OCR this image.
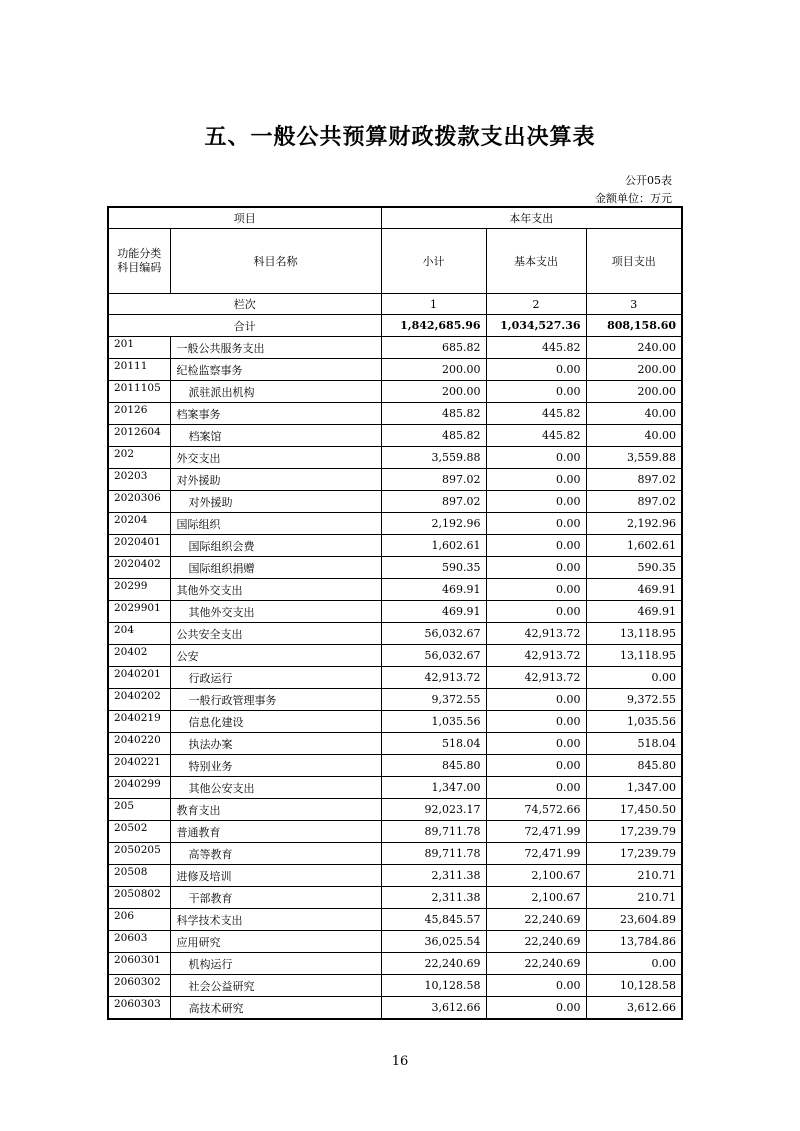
五、一般公共预算财政拨款支出决算表
公开05表
金额单位：万元
项目		本年支出		
功能分类科目编码	科目名称	小计	基本支出	项目支出
栏次		1	2	3
合计		1,842,685.96	1,034,527.36	808,158.60
201	一般公共服务支出	685.82	445.82	240.00
20111	纪检监察事务	200.00	0.00	200.00
2011105	派驻派出机构	200.00	0.00	200.00
20126	档案事务	485.82	445.82	40.00
2012604	档案馆	485.82	445.82	40.00
202	外交支出	3,559.88	0.00	3,559.88
20203	对外援助	897.02	0.00	897.02
2020306	对外援助	897.02	0.00	897.02
20204	国际组织	2,192.96	0.00	2,192.96
2020401	国际组织会费	1,602.61	0.00	1,602.61
2020402	国际组织捐赠	590.35	0.00	590.35
20299	其他外交支出	469.91	0.00	469.91
2029901	其他外交支出	469.91	0.00	469.91
204	公共安全支出	56,032.67	42,913.72	13,118.95
20402	公安	56,032.67	42,913.72	13,118.95
2040201	行政运行	42,913.72	42,913.72	0.00
2040202	一般行政管理事务	9,372.55	0.00	9,372.55
2040219	信息化建设	1,035.56	0.00	1,035.56
2040220	执法办案	518.04	0.00	518.04
2040221	特别业务	845.80	0.00	845.80
2040299	其他公安支出	1,347.00	0.00	1,347.00
205	教育支出	92,023.17	74,572.66	17,450.50
20502	普通教育	89,711.78	72,471.99	17,239.79
2050205	高等教育	89,711.78	72,471.99	17,239.79
20508	进修及培训	2,311.38	2,100.67	210.71
2050802	干部教育	2,311.38	2,100.67	210.71
206	科学技术支出	45,845.57	22,240.69	23,604.89
20603	应用研究	36,025.54	22,240.69	13,784.86
2060301	机构运行	22,240.69	22,240.69	0.00
2060302	社会公益研究	10,128.58	0.00	10,128.58
2060303	高技术研究	3,612.66	0.00	3,612.66
16
